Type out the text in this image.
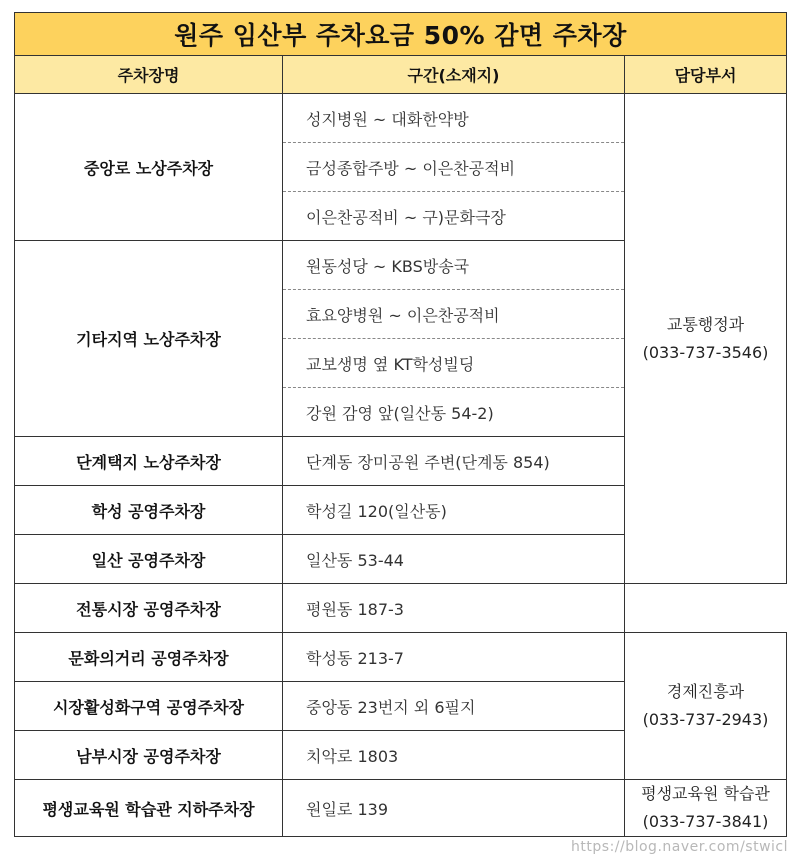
원주 임산부 주차요금 50% 감면 주차장		
주차장명	구간(소재지)	담당부서
중앙로 노상주차장	성지병원 ~ 대화한약방	교통행정과
(033-737-3546)

	금성종합주방 ~ 이은찬공적비	
	이은찬공적비 ~ 구)문화극장	
기타지역 노상주차장	원동성당 ~ KBS방송국	
	효요양병원 ~ 이은찬공적비	
	교보생명 옆 KT학성빌딩	
	강원 감영 앞(일산동 54-2)	
단계택지 노상주차장	단계동 장미공원 주변(단계동 854)	
학성 공영주차장	학성길 120(일산동)	
일산 공영주차장	일산동 53-44	
전통시장 공영주차장	평원동 187-3	
문화의거리 공영주차장	학성동 213-7	경제진흥과
(033-737-2943)

시장활성화구역 공영주차장	중앙동 23번지 외 6필지	
남부시장 공영주차장	치악로 1803	
평생교육원 학습관 지하주차장	원일로 139	평생교육원 학습관
(033-737-3841)
https://blog.naver.com/stwicl
